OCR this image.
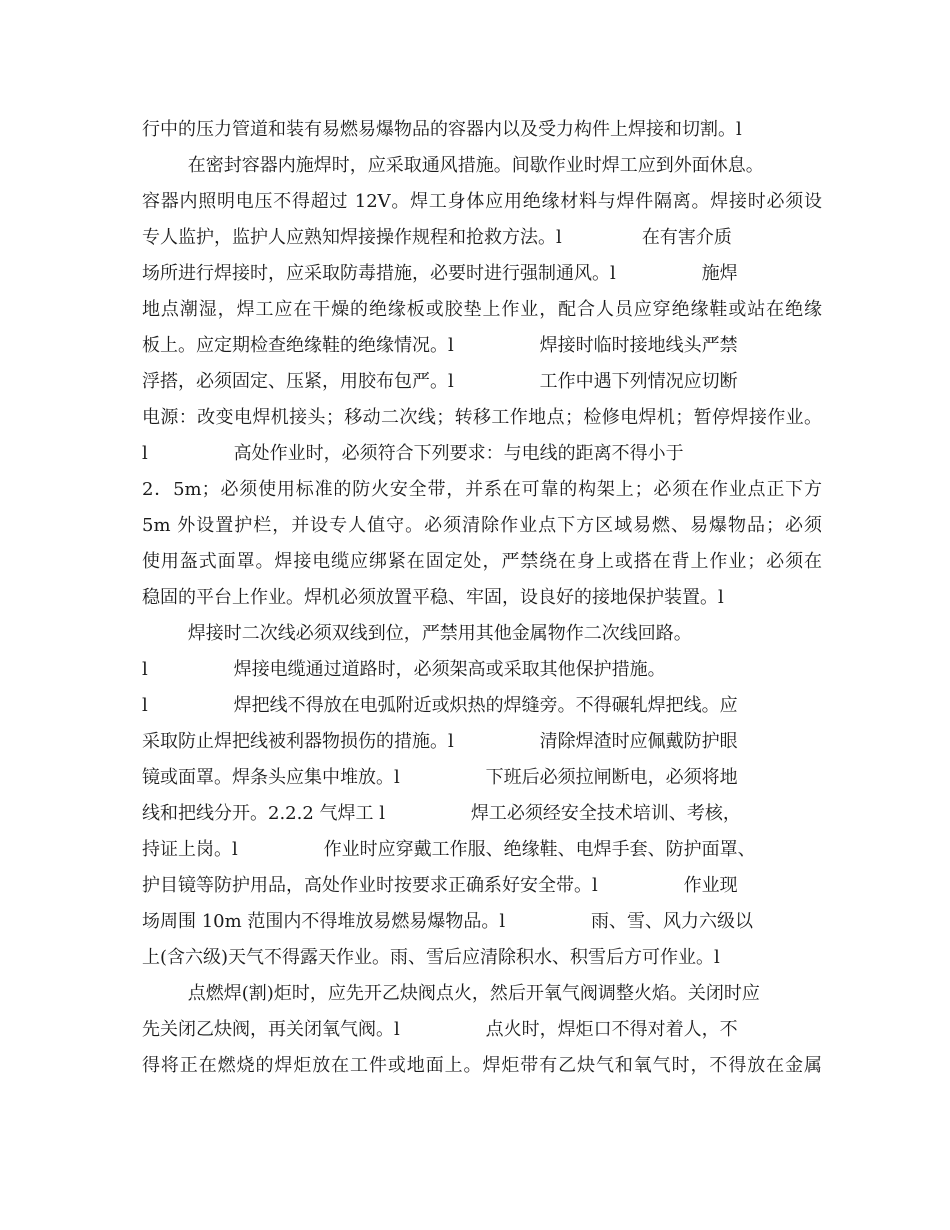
行中的压力管道和装有易燃易爆物品的容器内以及受力构件上焊接和切割。l
在密封容器内施焊时，应采取通风措施。间歇作业时焊工应到外面休息。
容器内照明电压不得超过 12V。焊工身体应用绝缘材料与焊件隔离。焊接时必须设
专人监护，监护人应熟知焊接操作规程和抢救方法。l              在有害介质
场所进行焊接时，应采取防毒措施，必要时进行强制通风。l               施焊
地点潮湿，焊工应在干燥的绝缘板或胶垫上作业，配合人员应穿绝缘鞋或站在绝缘
板上。应定期检查绝缘鞋的绝缘情况。l               焊接时临时接地线头严禁
浮搭，必须固定、压紧，用胶布包严。l               工作中遇下列情况应切断
电源：改变电焊机接头；移动二次线；转移工作地点；检修电焊机；暂停焊接作业。
l               高处作业时，必须符合下列要求：与电线的距离不得小于
2．5m；必须使用标准的防火安全带，并系在可靠的构架上；必须在作业点正下方
5m 外设置护栏，并设专人值守。必须清除作业点下方区域易燃、易爆物品；必须
使用盔式面罩。焊接电缆应绑紧在固定处，严禁绕在身上或搭在背上作业；必须在
稳固的平台上作业。焊机必须放置平稳、牢固，设良好的接地保护装置。l
焊接时二次线必须双线到位，严禁用其他金属物作二次线回路。
l               焊接电缆通过道路时，必须架高或采取其他保护措施。
l               焊把线不得放在电弧附近或炽热的焊缝旁。不得碾轧焊把线。应
采取防止焊把线被利器物损伤的措施。l               清除焊渣时应佩戴防护眼
镜或面罩。焊条头应集中堆放。l               下班后必须拉闸断电，必须将地
线和把线分开。2.2.2 气焊工 l               焊工必须经安全技术培训、考核，
持证上岗。l               作业时应穿戴工作服、绝缘鞋、电焊手套、防护面罩、
护目镜等防护用品，高处作业时按要求正确系好安全带。l               作业现
场周围 10m 范围内不得堆放易燃易爆物品。l               雨、雪、风力六级以
上(含六级)天气不得露天作业。雨、雪后应清除积水、积雪后方可作业。l
点燃焊(割)炬时，应先开乙炔阀点火，然后开氧气阀调整火焰。关闭时应
先关闭乙炔阀，再关闭氧气阀。l               点火时，焊炬口不得对着人，不
得将正在燃烧的焊炬放在工件或地面上。焊炬带有乙炔气和氧气时，不得放在金属
